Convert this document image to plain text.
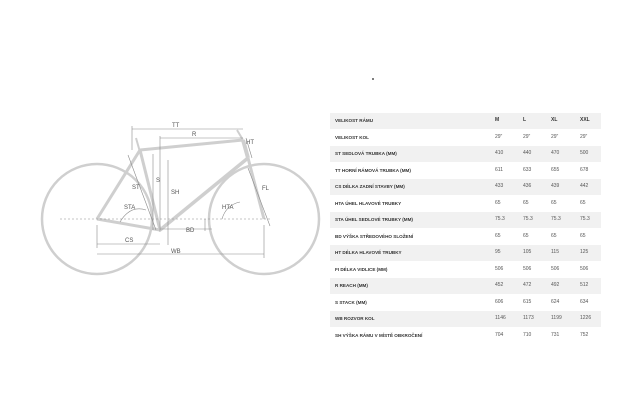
TT
R
HT
ST
S
SH
FL
STA	HTA
BD
CS
WB
VELIKOST RÁMU	M	L	XL	XXL
VELIKOST KOL	29"	29"	29"	29"
ST SEDLOVÁ TRUBKA (MM)	410	440	470	500
TT HORNÍ RÁMOVÁ TRUBKA (MM)	611	633	655	678
CS DÉLKA ZADNÍ STAVBY (MM)	433	436	439	442
HTA ÚHEL HLAVOVÉ TRUBKY	65	65	65	65
STA ÚHEL SEDLOVÉ TRUBKY (MM)	75.3	75.3	75.3	75.3
BD VÝŠKA STŘEDOVÉHO SLOŽENÍ	65	65	65	65
HT DÉLKA HLAVOVÉ TRUBKY	95	105	115	125
FI DÉLKA VIDLICE (MM)	506	506	506	506
R REACH (MM)	452	472	492	512
S STACK (MM)	606	615	624	634
WB ROZVOR KOL	1146	1173	1199	1226
SH VÝŠKA RÁMU V MÍSTĚ OBKROČENÍ	704	710	731	752
